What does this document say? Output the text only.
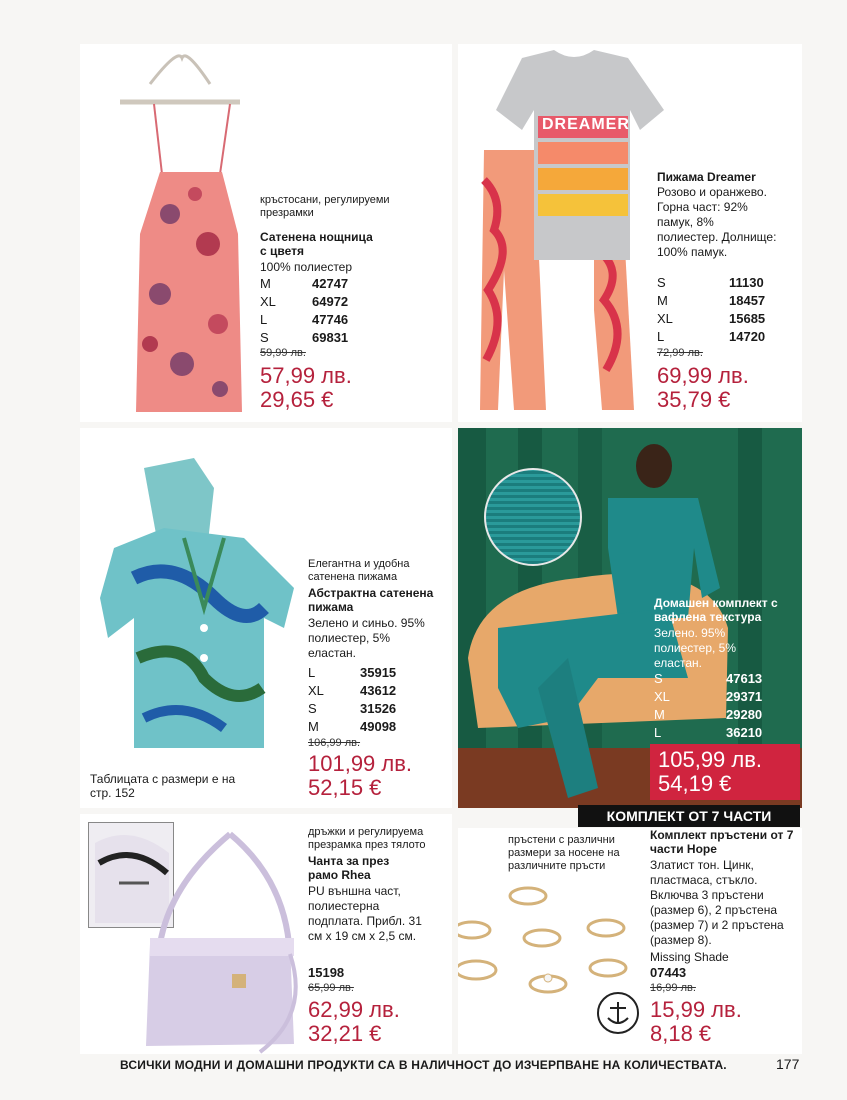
кръстосани, регулируеми презрамки
Сатенена нощница с цветя
100% полиестер
M	42747
XL	64972
L	47746
S	69831
59,99 лв.
57,99 лв.
29,65 €
DREAMER
Пижама Dreamer
Розово и оранжево. Горна част: 92% памук, 8% полиестер. Долнище: 100% памук.
S	11130
M	18457
XL	15685
L	14720
72,99 лв.
69,99 лв.
35,79 €
Елегантна и удобна сатенена пижама
Абстрактна сатенена пижама
Зелено и синьо. 95% полиестер, 5% еластан.
L	35915
XL	43612
S	31526
M	49098
106,99 лв.
101,99 лв.
52,15 €
Таблицата с размери е на стр. 152
Домашен комплект с вафлена текстура
Зелено. 95% полиестер, 5% еластан.
S	47613
XL	29371
M	29280
L	36210
105,99 лв.
54,19 €
КОМПЛЕКТ ОТ 7 ЧАСТИ
дръжки и регулируема презрамка през тялото
Чанта за през рамо Rhea
PU външна част, полиестерна подплата. Прибл. 31 см х 19 см х 2,5 см.
15198
65,99 лв.
62,99 лв.
32,21 €
пръстени с различни размери за носене на различните пръсти
Комплект пръстени от 7 части Hope
Златист тон. Цинк, пластмаса, стъкло. Включва 3 пръстени (размер 6), 2 пръстена (размер 7) и 2 пръстена (размер 8).
Missing Shade
07443
16,99 лв.
15,99 лв.
8,18 €
ВСИЧКИ МОДНИ И ДОМАШНИ ПРОДУКТИ СА В НАЛИЧНОСТ ДО ИЗЧЕРПВАНЕ НА КОЛИЧЕСТВАТА.	177
